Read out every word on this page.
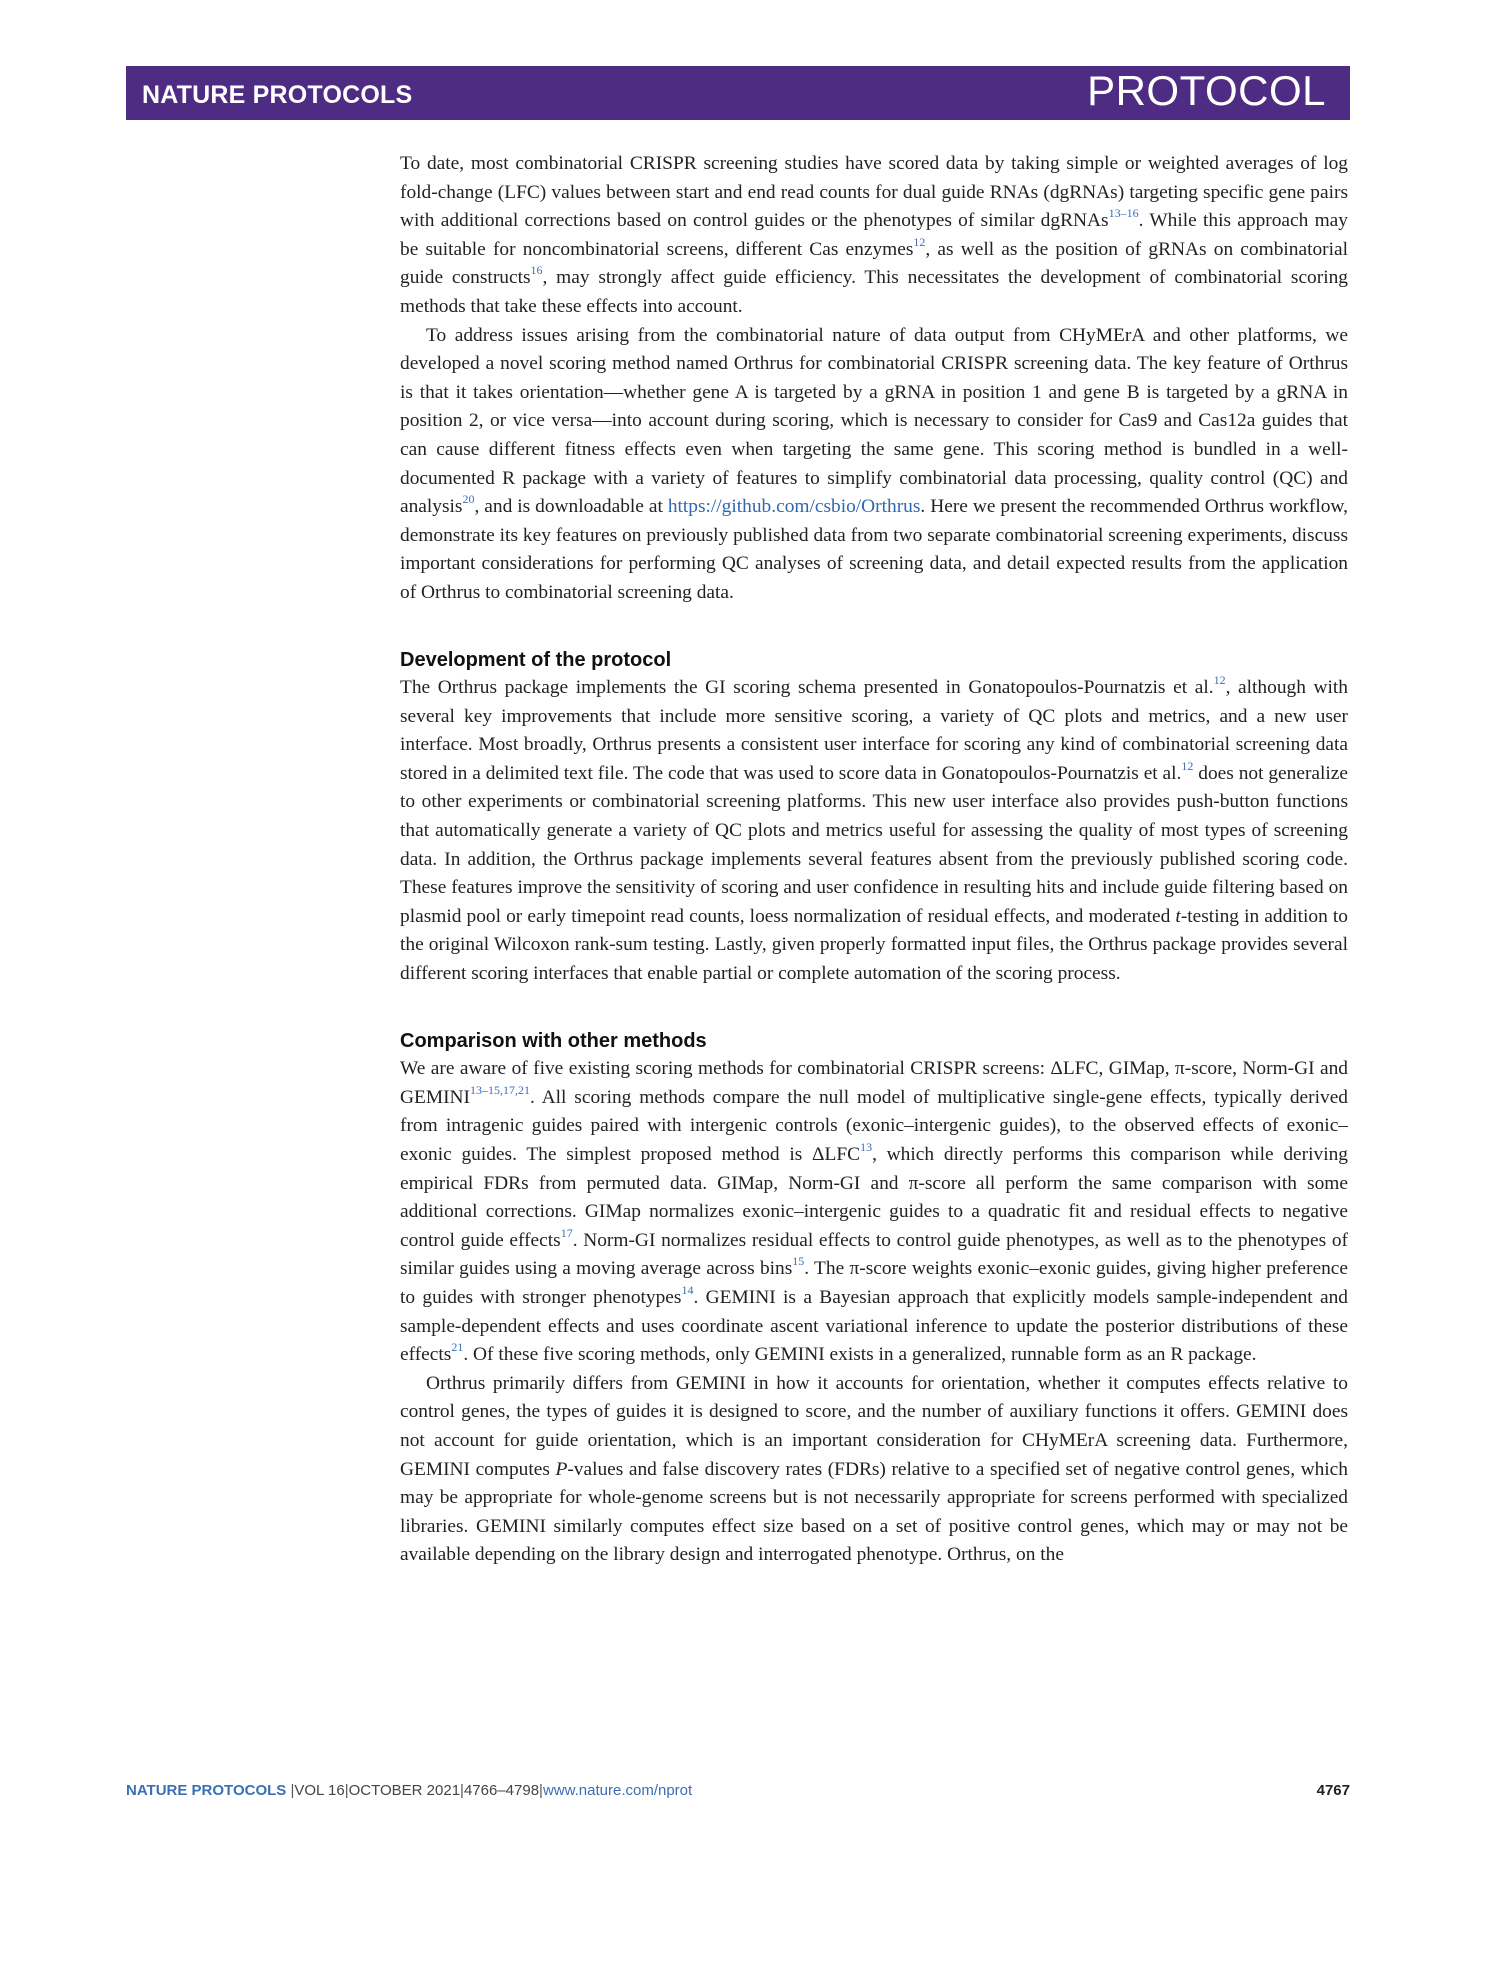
NATURE PROTOCOLS	PROTOCOL

To date, most combinatorial CRISPR screening studies have scored data by taking simple or weighted averages of log fold-change (LFC) values between start and end read counts for dual guide RNAs (dgRNAs) targeting specific gene pairs with additional corrections based on control guides or the phenotypes of similar dgRNAs$^{13-16}$. While this approach may be suitable for noncombinatorial screens, different Cas enzymes$^{12}$, as well as the position of gRNAs on combinatorial guide constructs$^{16}$, may strongly affect guide efficiency. This necessitates the development of combinatorial scoring methods that take these effects into account.

To address issues arising from the combinatorial nature of data output from CHyMErA and other platforms, we developed a novel scoring method named Orthrus for combinatorial CRISPR screening data. The key feature of Orthrus is that it takes orientation—whether gene A is targeted by a gRNA in position 1 and gene B is targeted by a gRNA in position 2, or vice versa—into account during scoring, which is necessary to consider for Cas9 and Cas12a guides that can cause different fitness effects even when targeting the same gene. This scoring method is bundled in a well-documented R package with a variety of features to simplify combinatorial data processing, quality control (QC) and analysis$^{20}$, and is downloadable at https://github.com/csbio/Orthrus. Here we present the recommended Orthrus workflow, demonstrate its key features on previously published data from two separate combinatorial screening experiments, discuss important considerations for performing QC analyses of screening data, and detail expected results from the application of Orthrus to combinatorial screening data.

Development of the protocol

The Orthrus package implements the GI scoring schema presented in Gonatopoulos-Pournatzis et al.$^{12}$, although with several key improvements that include more sensitive scoring, a variety of QC plots and metrics, and a new user interface. Most broadly, Orthrus presents a consistent user interface for scoring any kind of combinatorial screening data stored in a delimited text file. The code that was used to score data in Gonatopoulos-Pournatzis et al.$^{12}$ does not generalize to other experiments or combinatorial screening platforms. This new user interface also provides push-button functions that automatically generate a variety of QC plots and metrics useful for assessing the quality of most types of screening data. In addition, the Orthrus package implements several features absent from the previously published scoring code. These features improve the sensitivity of scoring and user confidence in resulting hits and include guide filtering based on plasmid pool or early timepoint read counts, loess normalization of residual effects, and moderated t-testing in addition to the original Wilcoxon rank-sum testing. Lastly, given properly formatted input files, the Orthrus package provides several different scoring interfaces that enable partial or complete automation of the scoring process.

Comparison with other methods

We are aware of five existing scoring methods for combinatorial CRISPR screens: ΔLFC, GIMap, π-score, Norm-GI and GEMINI$^{13-15,17,21}$. All scoring methods compare the null model of multiplicative single-gene effects, typically derived from intragenic guides paired with intergenic controls (exonic–intergenic guides), to the observed effects of exonic–exonic guides. The simplest proposed method is ΔLFC$^{13}$, which directly performs this comparison while deriving empirical FDRs from permuted data. GIMap, Norm-GI and π-score all perform the same comparison with some additional corrections. GIMap normalizes exonic–intergenic guides to a quadratic fit and residual effects to negative control guide effects$^{17}$. Norm-GI normalizes residual effects to control guide phenotypes, as well as to the phenotypes of similar guides using a moving average across bins$^{15}$. The π-score weights exonic–exonic guides, giving higher preference to guides with stronger phenotypes$^{14}$. GEMINI is a Bayesian approach that explicitly models sample-independent and sample-dependent effects and uses coordinate ascent variational inference to update the posterior distributions of these effects$^{21}$. Of these five scoring methods, only GEMINI exists in a generalized, runnable form as an R package.

Orthrus primarily differs from GEMINI in how it accounts for orientation, whether it computes effects relative to control genes, the types of guides it is designed to score, and the number of auxiliary functions it offers. GEMINI does not account for guide orientation, which is an important consideration for CHyMErA screening data. Furthermore, GEMINI computes P-values and false discovery rates (FDRs) relative to a specified set of negative control genes, which may be appropriate for whole-genome screens but is not necessarily appropriate for screens performed with specialized libraries. GEMINI similarly computes effect size based on a set of positive control genes, which may or may not be available depending on the library design and interrogated phenotype. Orthrus, on the

NATURE PROTOCOLS |VOL 16|OCTOBER 2021|4766–4798|www.nature.com/nprot	4767
